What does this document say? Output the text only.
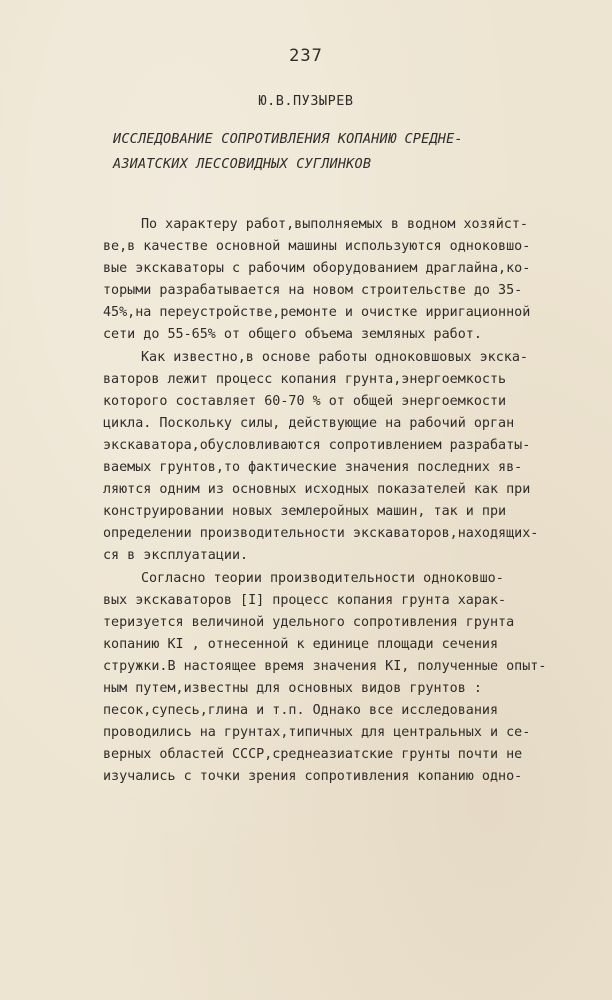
237
Ю.В.ПУЗЫРЕВ
ИССЛЕДОВАНИЕ СОПРОТИВЛЕНИЯ КОПАНИЮ СРЕДНЕ-
АЗИАТСКИХ ЛЕССОВИДНЫХ СУГЛИНКОВ
По характеру работ,выполняемых в водном хозяйст-
ве,в качестве основной машины используются одноковшо-
вые экскаваторы с рабочим оборудованием драглайна,ко-
торыми разрабатывается на новом строительстве до 35-
45%,на переустройстве,ремонте и очистке ирригационной
сети до 55-65% от общего объема земляных работ.
Как известно,в основе работы одноковшовых экска-
ваторов лежит процесс копания грунта,энергоемкость
которого составляет 60-70 % от общей энергоемкости
цикла. Поскольку силы, действующие на рабочий орган
экскаватора,обусловливаются сопротивлением разрабаты-
ваемых грунтов,то фактические значения последних яв-
ляются одним из основных исходных показателей как при
конструировании новых землеройных машин, так и при
определении производительности экскаваторов,находящих-
ся в эксплуатации.
Согласно теории производительности одноковшо-
вых экскаваторов [I] процесс копания грунта харак-
теризуется величиной удельного сопротивления грунта
копанию KI , отнесенной к единице площади сечения
стружки.В настоящее время значения KI, полученные опыт-
ным путем,известны для основных видов грунтов :
песок,супесь,глина и т.п. Однако все исследования
проводились на грунтах,типичных для центральных и се-
верных областей СССР,среднеазиатские грунты почти не
изучались с точки зрения сопротивления копанию одно-
